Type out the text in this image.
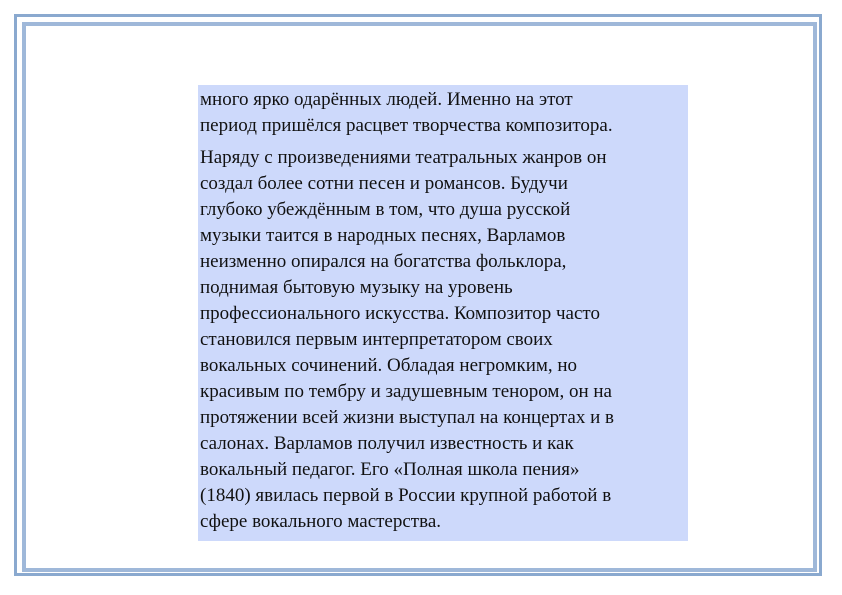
много ярко одарённых людей. Именно на этот
период пришёлся расцвет творчества композитора.

Наряду с произведениями театральных жанров он
создал более сотни песен и романсов. Будучи
глубоко убеждённым в том, что душа русской
музыки таится в народных песнях, Варламов
неизменно опирался на богатства фольклора,
поднимая бытовую музыку на уровень
профессионального искусства. Композитор часто
становился первым интерпретатором своих
вокальных сочинений. Обладая негромким, но
красивым по тембру и задушевным тенором, он на
протяжении всей жизни выступал на концертах и в
салонах. Варламов получил известность и как
вокальный педагог. Его «Полная школа пения»
(1840) явилась первой в России крупной работой в
сфере вокального мастерства.
